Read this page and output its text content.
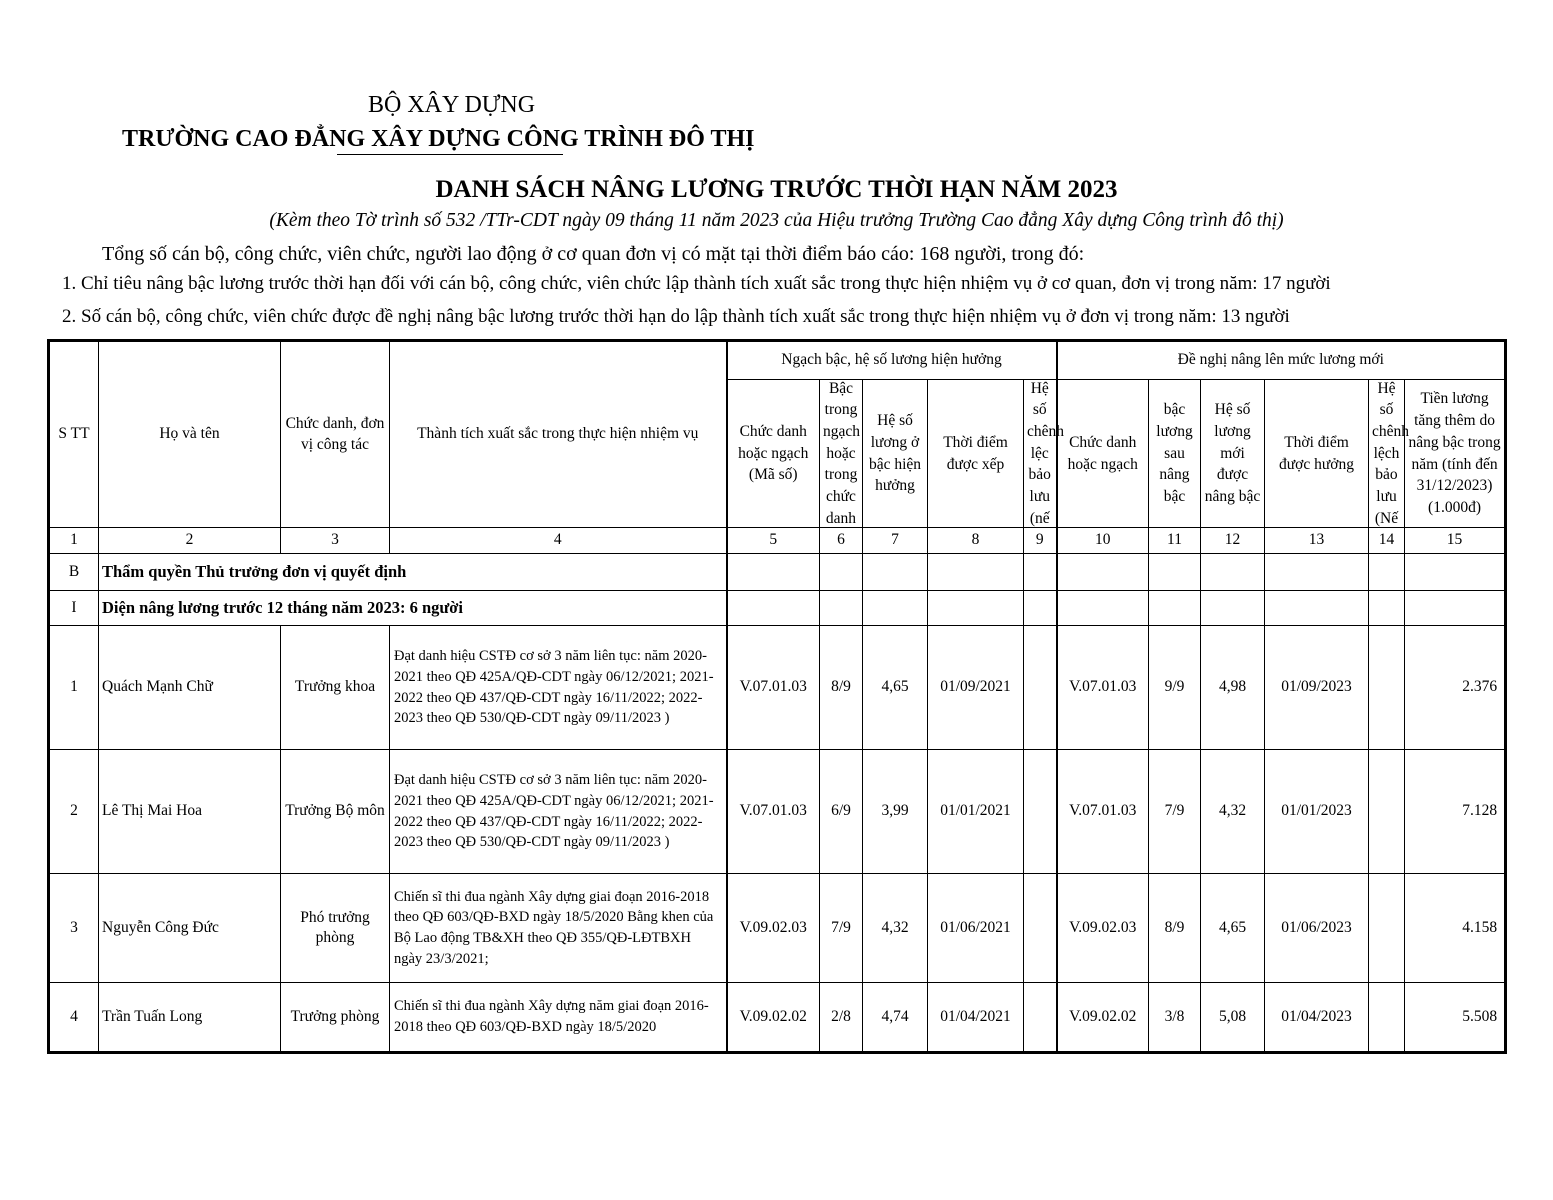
BỘ XÂY DỰNG
TRƯỜNG CAO ĐẲNG XÂY DỰNG CÔNG TRÌNH ĐÔ THỊ
DANH SÁCH NÂNG LƯƠNG TRƯỚC THỜI HẠN NĂM 2023
(Kèm theo Tờ trình số 532 /TTr-CDT ngày 09 tháng 11 năm 2023 của Hiệu trưởng Trường Cao đẳng Xây dựng Công trình đô thị)
Tổng số cán bộ, công chức, viên chức, người lao động ở cơ quan đơn vị có mặt tại thời điểm báo cáo: 168 người, trong đó:
1. Chỉ tiêu nâng bậc lương trước thời hạn đối với cán bộ, công chức, viên chức lập thành tích xuất sắc trong thực hiện nhiệm vụ ở cơ quan, đơn vị trong năm: 17 người
2. Số cán bộ, công chức, viên chức được đề nghị nâng bậc lương trước thời hạn do lập thành tích xuất sắc trong thực hiện nhiệm vụ ở đơn vị trong năm: 13 người
S TT	Họ và tên	Chức danh, đơn vị công tác	Thành tích xuất sắc trong thực hiện nhiệm vụ	Ngạch bậc, hệ số lương hiện hưởng					Đề nghị nâng lên mức lương mới					
				Chức danh hoặc ngạch (Mã số)	Bậc trong ngạch hoặc trong chức danh	Hệ số lương ở bậc hiện hưởng	Thời điểm được xếp	Hệ số chênh lệc bảo lưu (nế	Chức danh hoặc ngạch	bậc lương sau nâng bậc	Hệ số lương mới được nâng bậc	Thời điểm được hưởng	Hệ số chênh lệch bảo lưu (Nế	Tiền lương tăng thêm do nâng bậc trong năm (tính đến 31/12/2023) (1.000đ)
1	2	3	4	5	6	7	8	9	10	11	12	13	14	15
B	Thẩm quyền Thủ trưởng đơn vị quyết định													
I	Diện nâng lương trước 12 tháng năm 2023: 6 người													
1	Quách Mạnh Chữ	Trưởng khoa	Đạt danh hiệu CSTĐ cơ sở 3 năm liên tục: năm 2020-2021 theo QĐ 425A/QĐ-CDT ngày 06/12/2021; 2021-2022 theo QĐ 437/QĐ-CDT ngày 16/11/2022; 2022-2023 theo QĐ 530/QĐ-CDT ngày 09/11/2023 )	V.07.01.03	8/9	4,65	01/09/2021		V.07.01.03	9/9	4,98	01/09/2023		2.376
2	Lê Thị Mai Hoa	Trưởng Bộ môn	Đạt danh hiệu CSTĐ cơ sở 3 năm liên tục: năm 2020-2021 theo QĐ 425A/QĐ-CDT ngày 06/12/2021; 2021-2022 theo QĐ 437/QĐ-CDT ngày 16/11/2022; 2022-2023 theo QĐ 530/QĐ-CDT ngày 09/11/2023 )	V.07.01.03	6/9	3,99	01/01/2021		V.07.01.03	7/9	4,32	01/01/2023		7.128
3	Nguyễn Công Đức	Phó trưởng phòng	Chiến sĩ thi đua ngành Xây dựng giai đoạn 2016-2018 theo QĐ 603/QĐ-BXD ngày 18/5/2020 Bằng khen của Bộ Lao động TB&XH theo QĐ 355/QĐ-LĐTBXH ngày 23/3/2021;	V.09.02.03	7/9	4,32	01/06/2021		V.09.02.03	8/9	4,65	01/06/2023		4.158
4	Trần Tuấn Long	Trưởng phòng	Chiến sĩ thi đua ngành Xây dựng năm giai đoạn 2016-2018 theo QĐ 603/QĐ-BXD ngày 18/5/2020	V.09.02.02	2/8	4,74	01/04/2021		V.09.02.02	3/8	5,08	01/04/2023		5.508
